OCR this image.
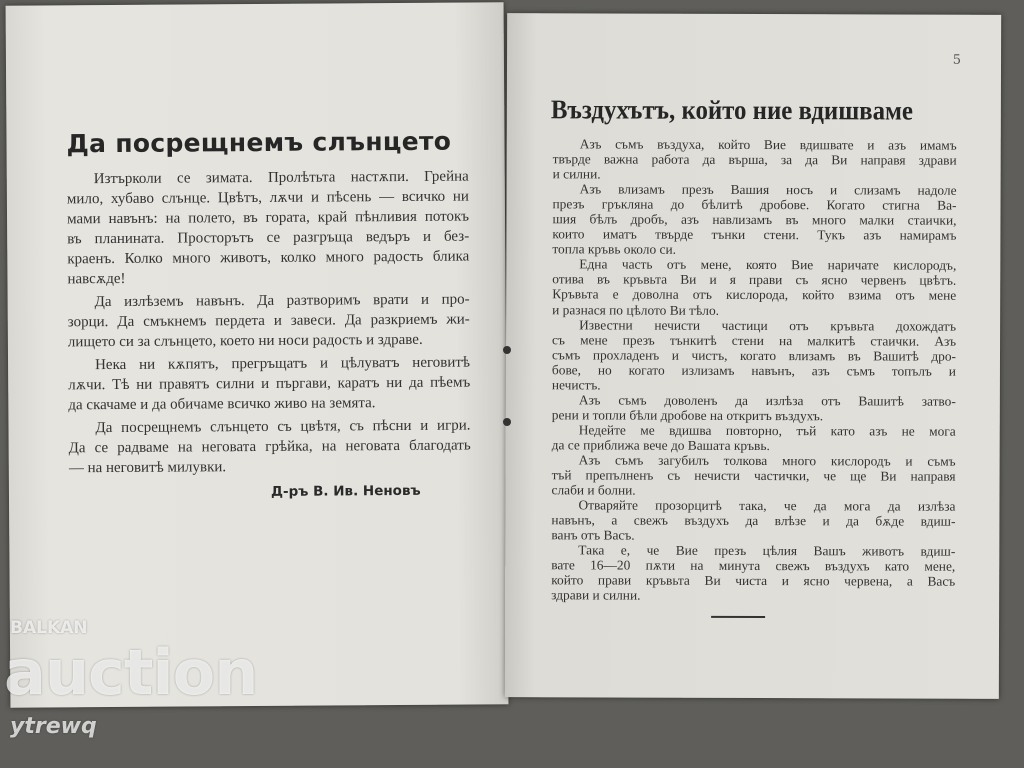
Да посрещнемъ слънцето
Изтърколи се зимата. Пролѣтьта настѫпи. Грейна
мило, хубаво слънце. Цвѣтъ, лѫчи и пѣсень — всичко ни
мами навънъ: на полето, въ гората, край пѣнливия потокъ
въ планината. Просторътъ се разгръща ведъръ и без-
краенъ. Колко много животъ, колко много радость блика
навсѫде!
Да излѣземъ навънъ. Да разтворимъ врати и про-
зорци. Да смъкнемъ пердета и завеси. Да разкриемъ жи-
лището си за слънцето, което ни носи радость и здраве.
Нека ни кѫпятъ, прегръщатъ и цѣлуватъ неговитѣ
лѫчи. Тѣ ни правятъ силни и пъргави, каратъ ни да пѣемъ
да скачаме и да обичаме всичко живо на земята.
Да посрещнемъ слънцето съ цвѣтя, съ пѣсни и игри.
Да се радваме на неговата грѣйка, на неговата благодать
— на неговитѣ милувки.
Д-ръ В. Ив. Неновъ
5
Въздухътъ, който ние вдишваме
Азъ съмъ въздуха, който Вие вдишвате и азъ имамъ
твърде важна работа да върша, за да Ви направя здрави
и силни.
Азъ влизамъ презъ Вашия носъ и слизамъ надоле
презъ гръкляна до бѣлитѣ дробове. Когато стигна Ва-
шия бѣлъ дробъ, азъ навлизамъ въ много малки стаички,
които иматъ твърде тънки стени. Тукъ азъ намирамъ
топла кръвь около си.
Една часть отъ мене, която Вие наричате кислородъ,
отива въ кръвьта Ви и я прави съ ясно червенъ цвѣтъ.
Кръвьта е доволна отъ кислорода, който взима отъ мене
и разнася по цѣлото Ви тѣло.
Известни нечисти частици отъ кръвьта дохождатъ
съ мене презъ тънкитѣ стени на малкитѣ стаички. Азъ
съмъ прохладенъ и чистъ, когато влизамъ въ Вашитѣ дро-
бове, но когато излизамъ навънъ, азъ съмъ топълъ и
нечистъ.
Азъ съмъ доволенъ да излѣза отъ Вашитѣ затво-
рени и топли бѣли дробове на откритъ въздухъ.
Недейте ме вдишва повторно, тъй като азъ не мога
да се приближа вече до Вашата кръвь.
Азъ съмъ загубилъ толкова много кислородъ и съмъ
тъй препълненъ съ нечисти частички, че ще Ви направя
слаби и болни.
Отваряйте прозорцитѣ така, че да мога да излѣза
навънъ, а свежъ въздухъ да влѣзе и да бѫде вдиш-
ванъ отъ Васъ.
Така е, че Вие презъ цѣлия Вашъ животъ вдиш-
вате 16—20 пѫти на минута свежъ въздухъ като мене,
който прави кръвьта Ви чиста и ясно червена, а Васъ
здрави и силни.
BALKAN
auction
ytrewq
